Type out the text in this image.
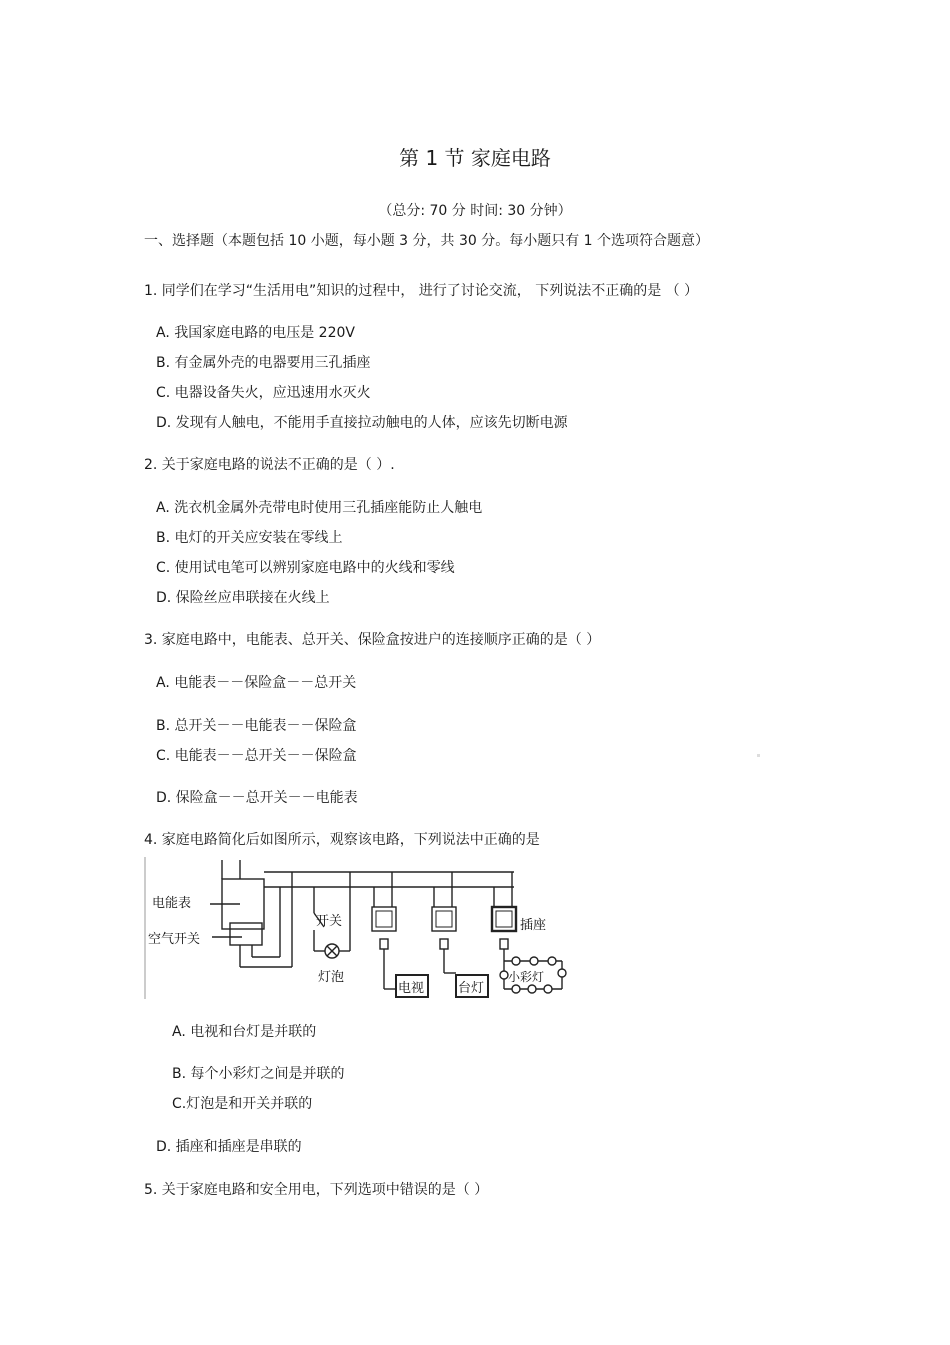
第 1 节 家庭电路
（总分: 70 分 时间: 30 分钟）
一、选择题（本题包括 10 小题，每小题 3 分，共 30 分。每小题只有 1 个选项符合题意）
1. 同学们在学习“生活用电”知识的过程中， 进行了讨论交流， 下列说法不正确的是 （ ）
A. 我国家庭电路的电压是 220V
B. 有金属外壳的电器要用三孔插座
C. 电器设备失火，应迅速用水灭火
D. 发现有人触电，不能用手直接拉动触电的人体，应该先切断电源
2. 关于家庭电路的说法不正确的是（ ）.
A. 洗衣机金属外壳带电时使用三孔插座能防止人触电
B. 电灯的开关应安装在零线上
C. 使用试电笔可以辨别家庭电路中的火线和零线
D. 保险丝应串联接在火线上
3. 家庭电路中，电能表、总开关、保险盒按进户的连接顺序正确的是（ ）
A. 电能表－－保险盒－－总开关
B. 总开关－－电能表－－保险盒
C. 电能表－－总开关－－保险盒
D. 保险盒－－总开关－－电能表
4. 家庭电路简化后如图所示，观察该电路，下列说法中正确的是
电能表
空气开关
开关
灯泡
电视	台灯
插座
小彩灯
A. 电视和台灯是并联的
B. 每个小彩灯之间是并联的
C.灯泡是和开关并联的
D. 插座和插座是串联的
5. 关于家庭电路和安全用电，下列选项中错误的是（ ）
